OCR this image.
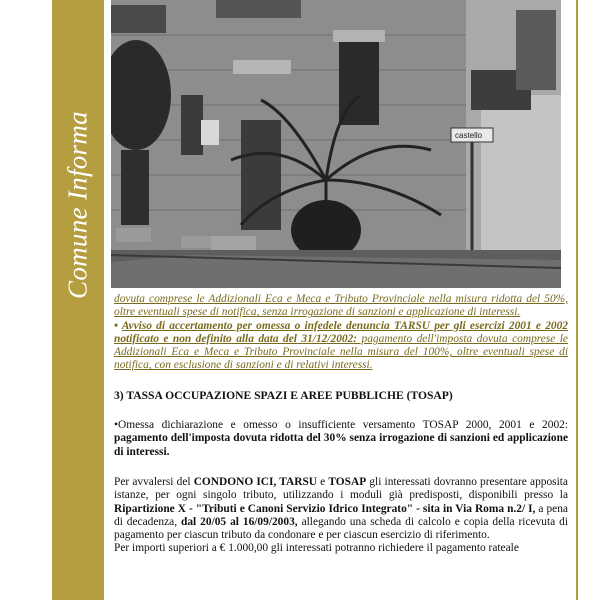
Comune Informa	castello

dovuta comprese le Addizionali Eca e Meca e Tributo Provinciale nella misura ridotta del 50%, oltre eventuali spese di notifica, senza irrogazione di sanzioni e applicazione di interessi.

• Avviso di accertamento per omessa o infedele denuncia TARSU per gli esercizi 2001 e 2002 notificato e non definito alla data del 31/12/2002: pagamento dell'imposta dovuta comprese le Addizionali Eca e Meca e Tributo Provinciale nella misura del 100%, oltre eventuali spese di notifica, con esclusione di sanzioni e di relativi interessi.

3) TASSA OCCUPAZIONE SPAZI E AREE PUBBLICHE (TOSAP)

•Omessa dichiarazione e omesso o insufficiente versamento TOSAP 2000, 2001 e 2002: pagamento dell'imposta dovuta ridotta del 30% senza irrogazione di sanzioni ed applicazione di interessi.

Per avvalersi del CONDONO ICI, TARSU e TOSAP gli interessati dovranno presentare apposita istanze, per ogni singolo tributo, utilizzando i moduli già predisposti, disponibili presso la Ripartizione X - "Tributi e Canoni Servizio Idrico Integrato" - sita in Via Roma n.2/ I, a pena di decadenza, dal 20/05 al 16/09/2003, allegando una scheda di calcolo e copia della ricevuta di pagamento per ciascun tributo da condonare e per ciascun esercizio di riferimento.

Per importi superiori a € 1.000,00 gli interessati potranno richiedere il pagamento rateale
